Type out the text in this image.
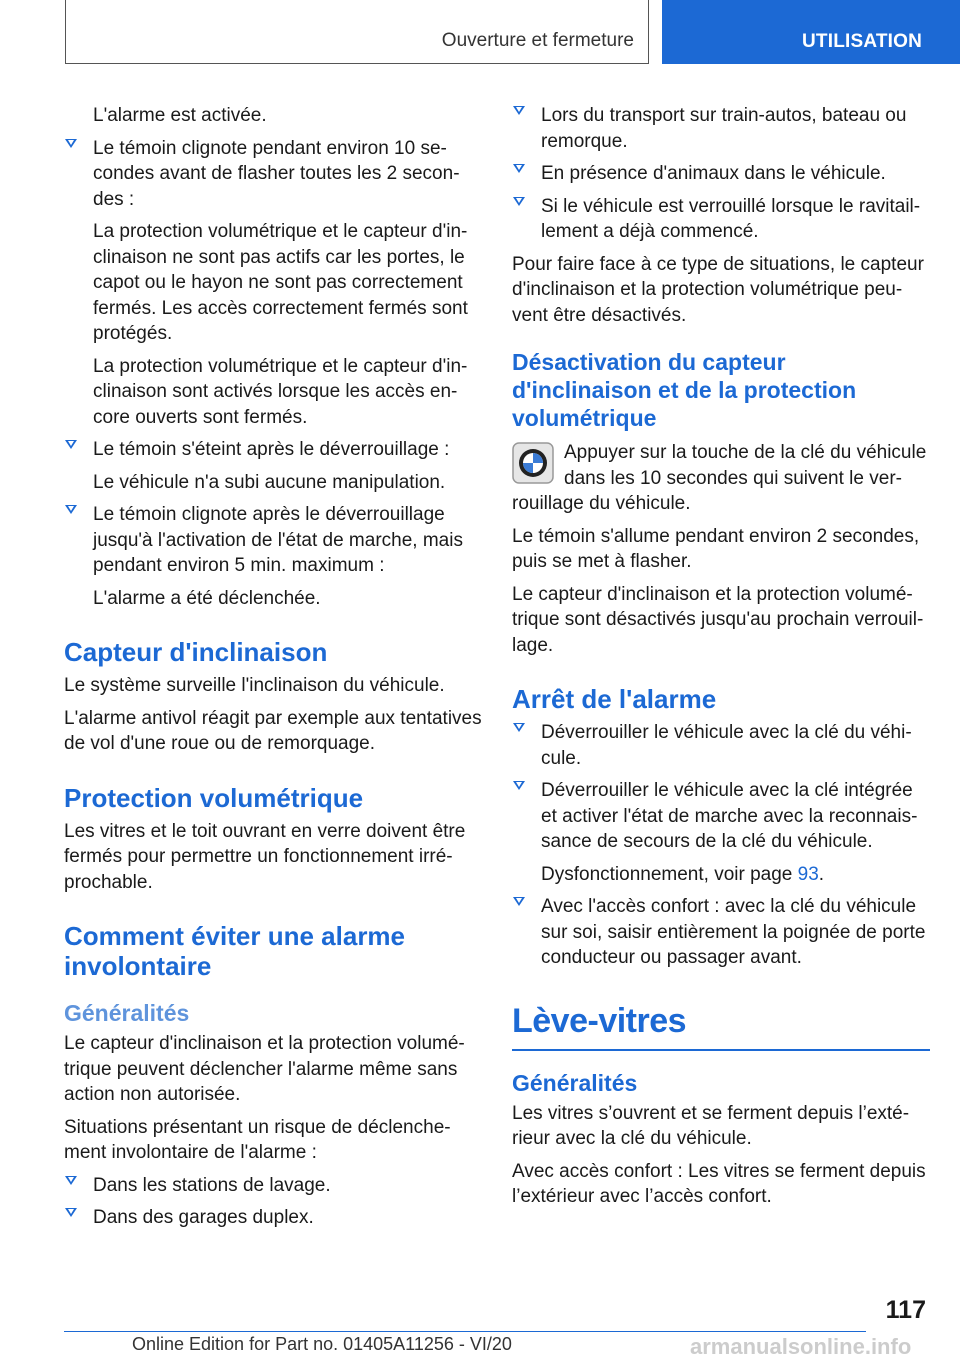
Ouverture et fermeture	UTILISATION

L'alarme est activée.

Le témoin clignote pendant environ 10 secondes avant de flasher toutes les 2 secondes :

La protection volumétrique et le capteur d'inclinaison ne sont pas actifs car les portes, le capot ou le hayon ne sont pas correctement fermés. Les accès correctement fermés sont protégés.

La protection volumétrique et le capteur d'inclinaison sont activés lorsque les accès encore ouverts sont fermés.

Le témoin s'éteint après le déverrouillage :

Le véhicule n'a subi aucune manipulation.

Le témoin clignote après le déverrouillage jusqu'à l'activation de l'état de marche, mais pendant environ 5 min. maximum :

L'alarme a été déclenchée.

Capteur d'inclinaison

Le système surveille l'inclinaison du véhicule.

L'alarme antivol réagit par exemple aux tentatives de vol d'une roue ou de remorquage.

Protection volumétrique

Les vitres et le toit ouvrant en verre doivent être fermés pour permettre un fonctionnement irréprochable.

Comment éviter une alarme involontaire
Généralités

Le capteur d'inclinaison et la protection volumétrique peuvent déclencher l'alarme même sans action non autorisée.

Situations présentant un risque de déclenchement involontaire de l'alarme :

Dans les stations de lavage.

Dans des garages duplex.

Lors du transport sur train-autos, bateau ou remorque.

En présence d'animaux dans le véhicule.

Si le véhicule est verrouillé lorsque le ravitaillement a déjà commencé.

Pour faire face à ce type de situations, le capteur d'inclinaison et la protection volumétrique peuvent être désactivés.

Désactivation du capteur d'inclinaison et de la protection volumétrique

Appuyer sur la touche de la clé du véhicule dans les 10 secondes qui suivent le verrouillage du véhicule.

Le témoin s'allume pendant environ 2 secondes, puis se met à flasher.

Le capteur d'inclinaison et la protection volumétrique sont désactivés jusqu'au prochain verrouillage.

Arrêt de l'alarme

Déverrouiller le véhicule avec la clé du véhicule.

Déverrouiller le véhicule avec la clé intégrée et activer l'état de marche avec la reconnaissance de secours de la clé du véhicule.

Dysfonctionnement, voir page 93.

Avec l'accès confort : avec la clé du véhicule sur soi, saisir entièrement la poignée de porte conducteur ou passager avant.

Lève-vitres
Généralités

Les vitres s’ouvrent et se ferment depuis l’extérieur avec la clé du véhicule.

Avec accès confort : Les vitres se ferment depuis l’extérieur avec l’accès confort.

117
Online Edition for Part no. 01405A11256 - VI/20	armanualsonline.info
